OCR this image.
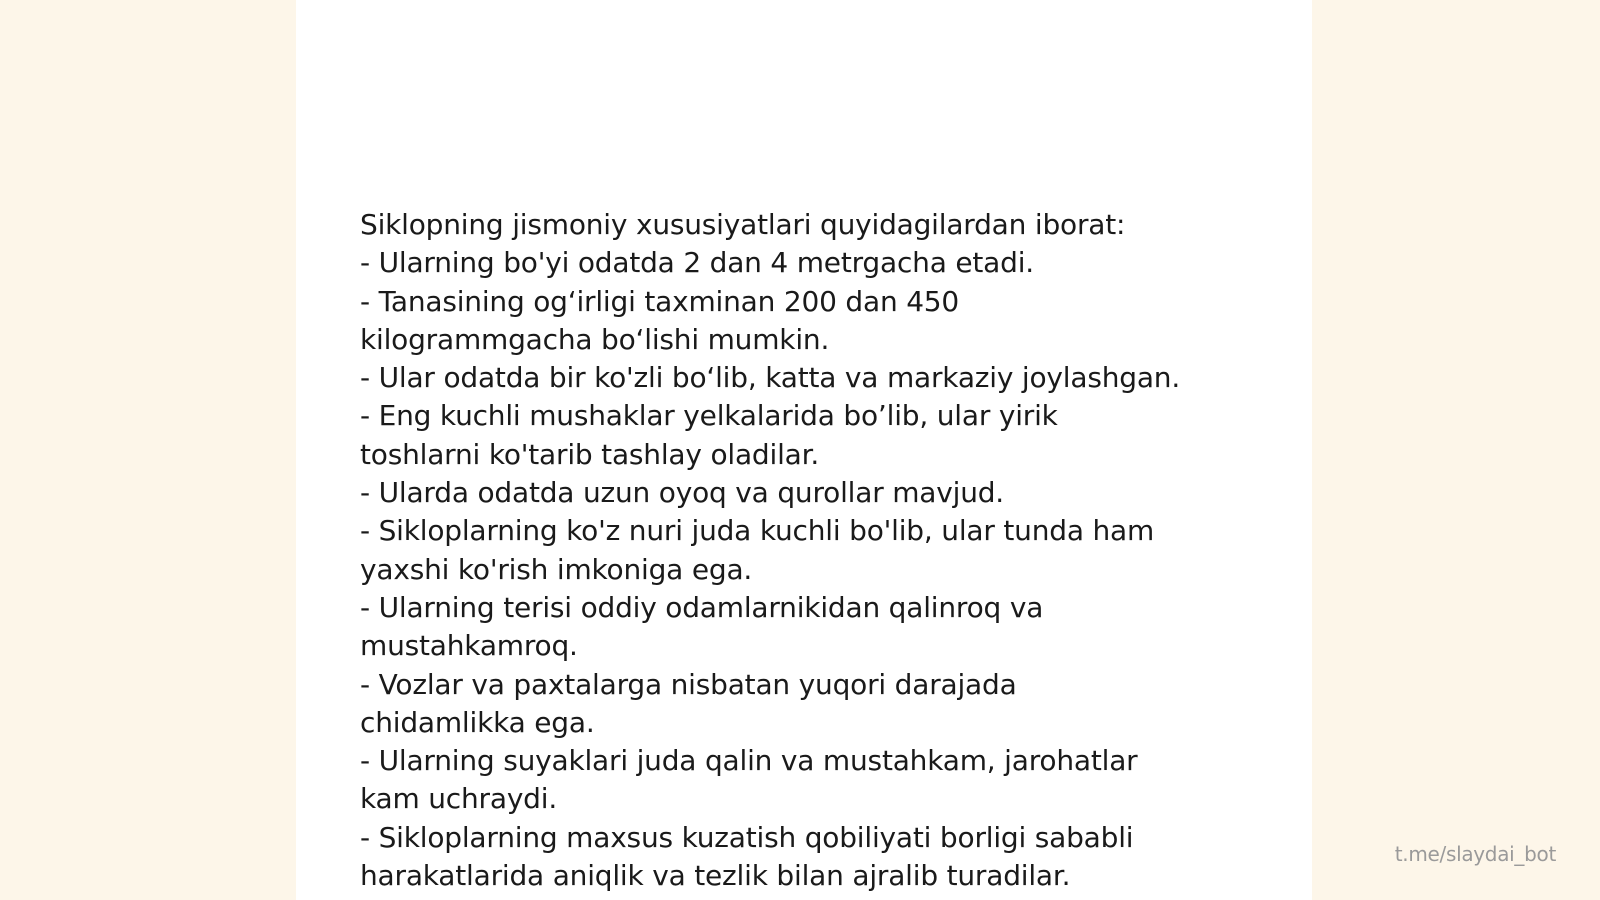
Siklopning jismoniy xususiyatlari quyidagilardan iborat:
- Ularning bo'yi odatda 2 dan 4 metrgacha etadi.
- Tanasining og‘irligi taxminan 200 dan 450
kilogrammgacha bo‘lishi mumkin.
- Ular odatda bir ko'zli bo‘lib, katta va markaziy joylashgan.
- Eng kuchli mushaklar yelkalarida bo’lib, ular yirik
toshlarni ko'tarib tashlay oladilar.
- Ularda odatda uzun oyoq va qurollar mavjud.
- Sikloplarning ko'z nuri juda kuchli bo'lib, ular tunda ham
yaxshi ko'rish imkoniga ega.
- Ularning terisi oddiy odamlarnikidan qalinroq va
mustahkamroq.
- Vozlar va paxtalarga nisbatan yuqori darajada
chidamlikka ega.
- Ularning suyaklari juda qalin va mustahkam, jarohatlar
kam uchraydi.
- Sikloplarning maxsus kuzatish qobiliyati borligi sababli
harakatlarida aniqlik va tezlik bilan ajralib turadilar.
t.me/slaydai_bot
